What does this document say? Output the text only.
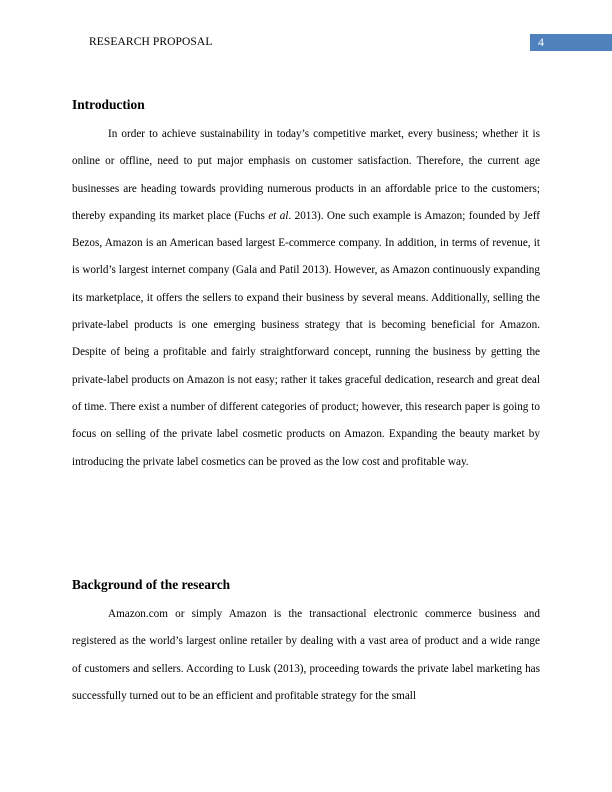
RESEARCH PROPOSAL	4
Introduction

In order to achieve sustainability in today’s competitive market, every business; whether it is online or offline, need to put major emphasis on customer satisfaction. Therefore, the current age businesses are heading towards providing numerous products in an affordable price to the customers; thereby expanding its market place (Fuchs et al. 2013). One such example is Amazon; founded by Jeff Bezos, Amazon is an American based largest E-commerce company. In addition, in terms of revenue, it is world’s largest internet company (Gala and Patil 2013). However, as Amazon continuously expanding its marketplace, it offers the sellers to expand their business by several means. Additionally, selling the private-label products is one emerging business strategy that is becoming beneficial for Amazon. Despite of being a profitable and fairly straightforward concept, running the business by getting the private-label products on Amazon is not easy; rather it takes graceful dedication, research and great deal of time. There exist a number of different categories of product; however, this research paper is going to focus on selling of the private label cosmetic products on Amazon. Expanding the beauty market by introducing the private label cosmetics can be proved as the low cost and profitable way.

Background of the research

Amazon.com or simply Amazon is the transactional electronic commerce business and registered as the world’s largest online retailer by dealing with a vast area of product and a wide range of customers and sellers. According to Lusk (2013), proceeding towards the private label marketing has successfully turned out to be an efficient and profitable strategy for the small
